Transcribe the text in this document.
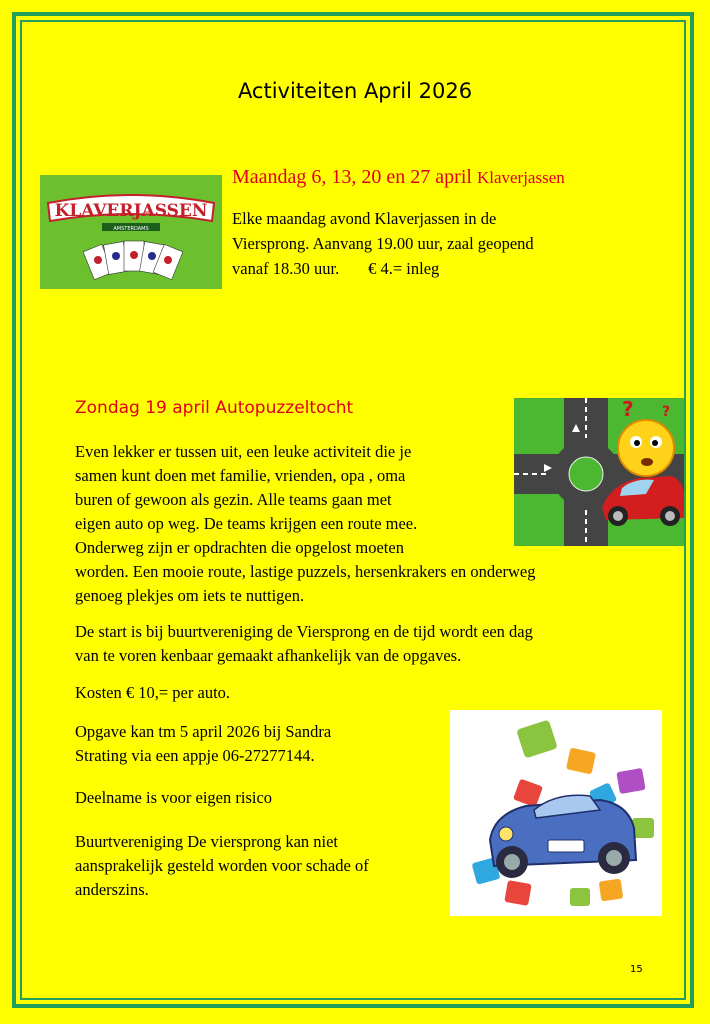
Activiteiten April 2026
KLAVERJASSEN
AMSTERDAMS
Maandag 6, 13, 20 en 27 april Klaverjassen
Elke maandag avond Klaverjassen in de
Viersprong. Aanvang 19.00 uur, zaal geopend
vanaf 18.30 uur.       € 4.= inleg
? ?
Zondag 19 april Autopuzzeltocht
Even lekker er tussen uit, een leuke activiteit die je
samen kunt doen met familie, vrienden, opa , oma
buren of gewoon als gezin. Alle teams gaan met
eigen auto op weg. De teams krijgen een route mee.
Onderweg zijn er opdrachten die opgelost moeten
worden. Een mooie route, lastige puzzels, hersenkrakers en onderweg
genoeg plekjes om iets te nuttigen.
De start is bij buurtvereniging de Viersprong en de tijd wordt een dag
van te voren kenbaar gemaakt afhankelijk van de opgaves.
Kosten € 10,= per auto.
Opgave kan tm 5 april 2026 bij Sandra
Strating via een appje 06-27277144.
Deelname is voor eigen risico
Buurtvereniging De viersprong kan niet
aansprakelijk gesteld worden voor schade of
anderszins.
15
